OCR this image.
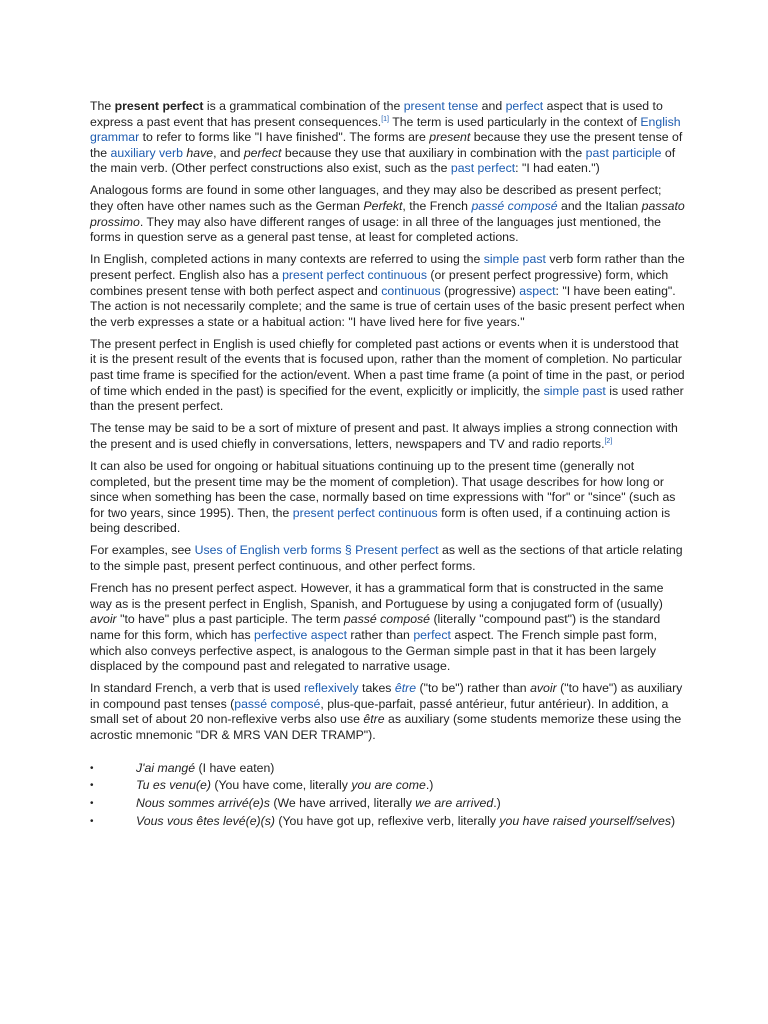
The present perfect is a grammatical combination of the present tense and perfect aspect that is used to express a past event that has present consequences.[1] The term is used particularly in the context of English grammar to refer to forms like "I have finished". The forms are present because they use the present tense of the auxiliary verb have, and perfect because they use that auxiliary in combination with the past participle of the main verb. (Other perfect constructions also exist, such as the past perfect: "I had eaten.")

Analogous forms are found in some other languages, and they may also be described as present perfect; they often have other names such as the German Perfekt, the French passé composé and the Italian passato prossimo. They may also have different ranges of usage: in all three of the languages just mentioned, the forms in question serve as a general past tense, at least for completed actions.

In English, completed actions in many contexts are referred to using the simple past verb form rather than the present perfect. English also has a present perfect continuous (or present perfect progressive) form, which combines present tense with both perfect aspect and continuous (progressive) aspect: "I have been eating". The action is not necessarily complete; and the same is true of certain uses of the basic present perfect when the verb expresses a state or a habitual action: "I have lived here for five years."

The present perfect in English is used chiefly for completed past actions or events when it is understood that it is the present result of the events that is focused upon, rather than the moment of completion. No particular past time frame is specified for the action/event. When a past time frame (a point of time in the past, or period of time which ended in the past) is specified for the event, explicitly or implicitly, the simple past is used rather than the present perfect.

The tense may be said to be a sort of mixture of present and past. It always implies a strong connection with the present and is used chiefly in conversations, letters, newspapers and TV and radio reports.[2]

It can also be used for ongoing or habitual situations continuing up to the present time (generally not completed, but the present time may be the moment of completion). That usage describes for how long or since when something has been the case, normally based on time expressions with "for" or "since" (such as for two years, since 1995). Then, the present perfect continuous form is often used, if a continuing action is being described.

For examples, see Uses of English verb forms § Present perfect as well as the sections of that article relating to the simple past, present perfect continuous, and other perfect forms.

French has no present perfect aspect. However, it has a grammatical form that is constructed in the same way as is the present perfect in English, Spanish, and Portuguese by using a conjugated form of (usually) avoir "to have" plus a past participle. The term passé composé (literally "compound past") is the standard name for this form, which has perfective aspect rather than perfect aspect. The French simple past form, which also conveys perfective aspect, is analogous to the German simple past in that it has been largely displaced by the compound past and relegated to narrative usage.

In standard French, a verb that is used reflexively takes être ("to be") rather than avoir ("to have") as auxiliary in compound past tenses (passé composé, plus-que-parfait, passé antérieur, futur antérieur). In addition, a small set of about 20 non-reflexive verbs also use être as auxiliary (some students memorize these using the acrostic mnemonic "DR & MRS VAN DER TRAMP").

•	J'ai mangé (I have eaten)
•	Tu es venu(e) (You have come, literally you are come.)
•	Nous sommes arrivé(e)s (We have arrived, literally we are arrived.)
•	Vous vous êtes levé(e)(s) (You have got up, reflexive verb, literally you have raised yourself/selves)
